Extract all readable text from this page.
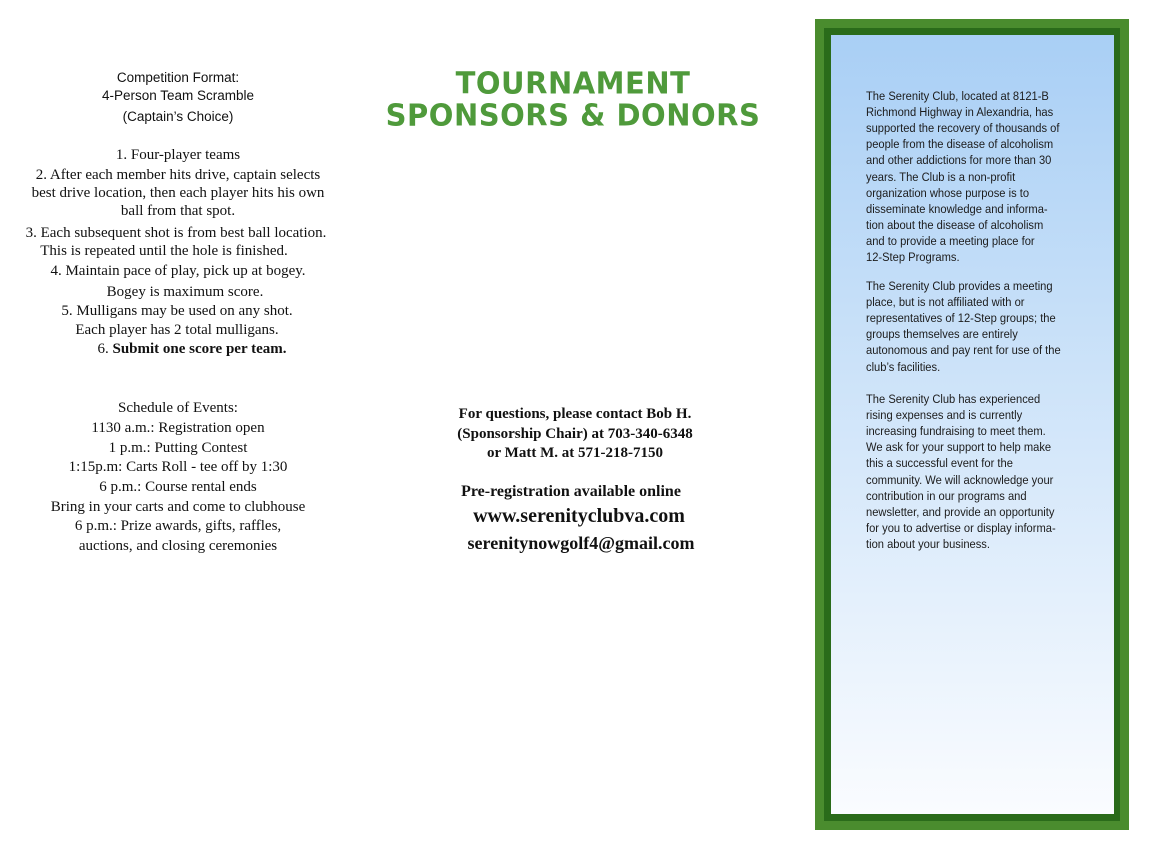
Competition Format:
4-Person Team Scramble
(Captain’s Choice)
1. Four-player teams
2. After each member hits drive, captain selects
best drive location, then each player hits his own
ball from that spot.
3. Each subsequent shot is from best ball location.
This is repeated until the hole is finished.
4. Maintain pace of play, pick up at bogey.
Bogey is maximum score.
5. Mulligans may be used on any shot.
Each player has 2 total mulligans.
6. Submit one score per team.
Schedule of Events:
1130 a.m.: Registration open
1 p.m.: Putting Contest
1:15p.m: Carts Roll - tee off by 1:30
6 p.m.: Course rental ends
Bring in your carts and come to clubhouse
6 p.m.: Prize awards, gifts, raffles,
auctions, and closing ceremonies
TOURNAMENT
SPONSORS & DONORS
For questions, please contact Bob H.
(Sponsorship Chair) at 703-340-6348
or Matt M. at 571-218-7150
Pre-registration available online
www.serenityclubva.com
serenitynowgolf4@gmail.com
The Serenity Club, located at 8121-B
Richmond Highway in Alexandria, has
supported the recovery of thousands of
people from the disease of alcoholism
and other addictions for more than 30
years. The Club is a non-profit
organization whose purpose is to
disseminate knowledge and informa-
tion about the disease of alcoholism
and to provide a meeting place for
12-Step Programs.
The Serenity Club provides a meeting
place, but is not affiliated with or
representatives of 12-Step groups; the
groups themselves are entirely
autonomous and pay rent for use of the
club’s facilities.
The Serenity Club has experienced
rising expenses and is currently
increasing fundraising to meet them.
We ask for your support to help make
this a successful event for the
community. We will acknowledge your
contribution in our programs and
newsletter, and provide an opportunity
for you to advertise or display informa-
tion about your business.
